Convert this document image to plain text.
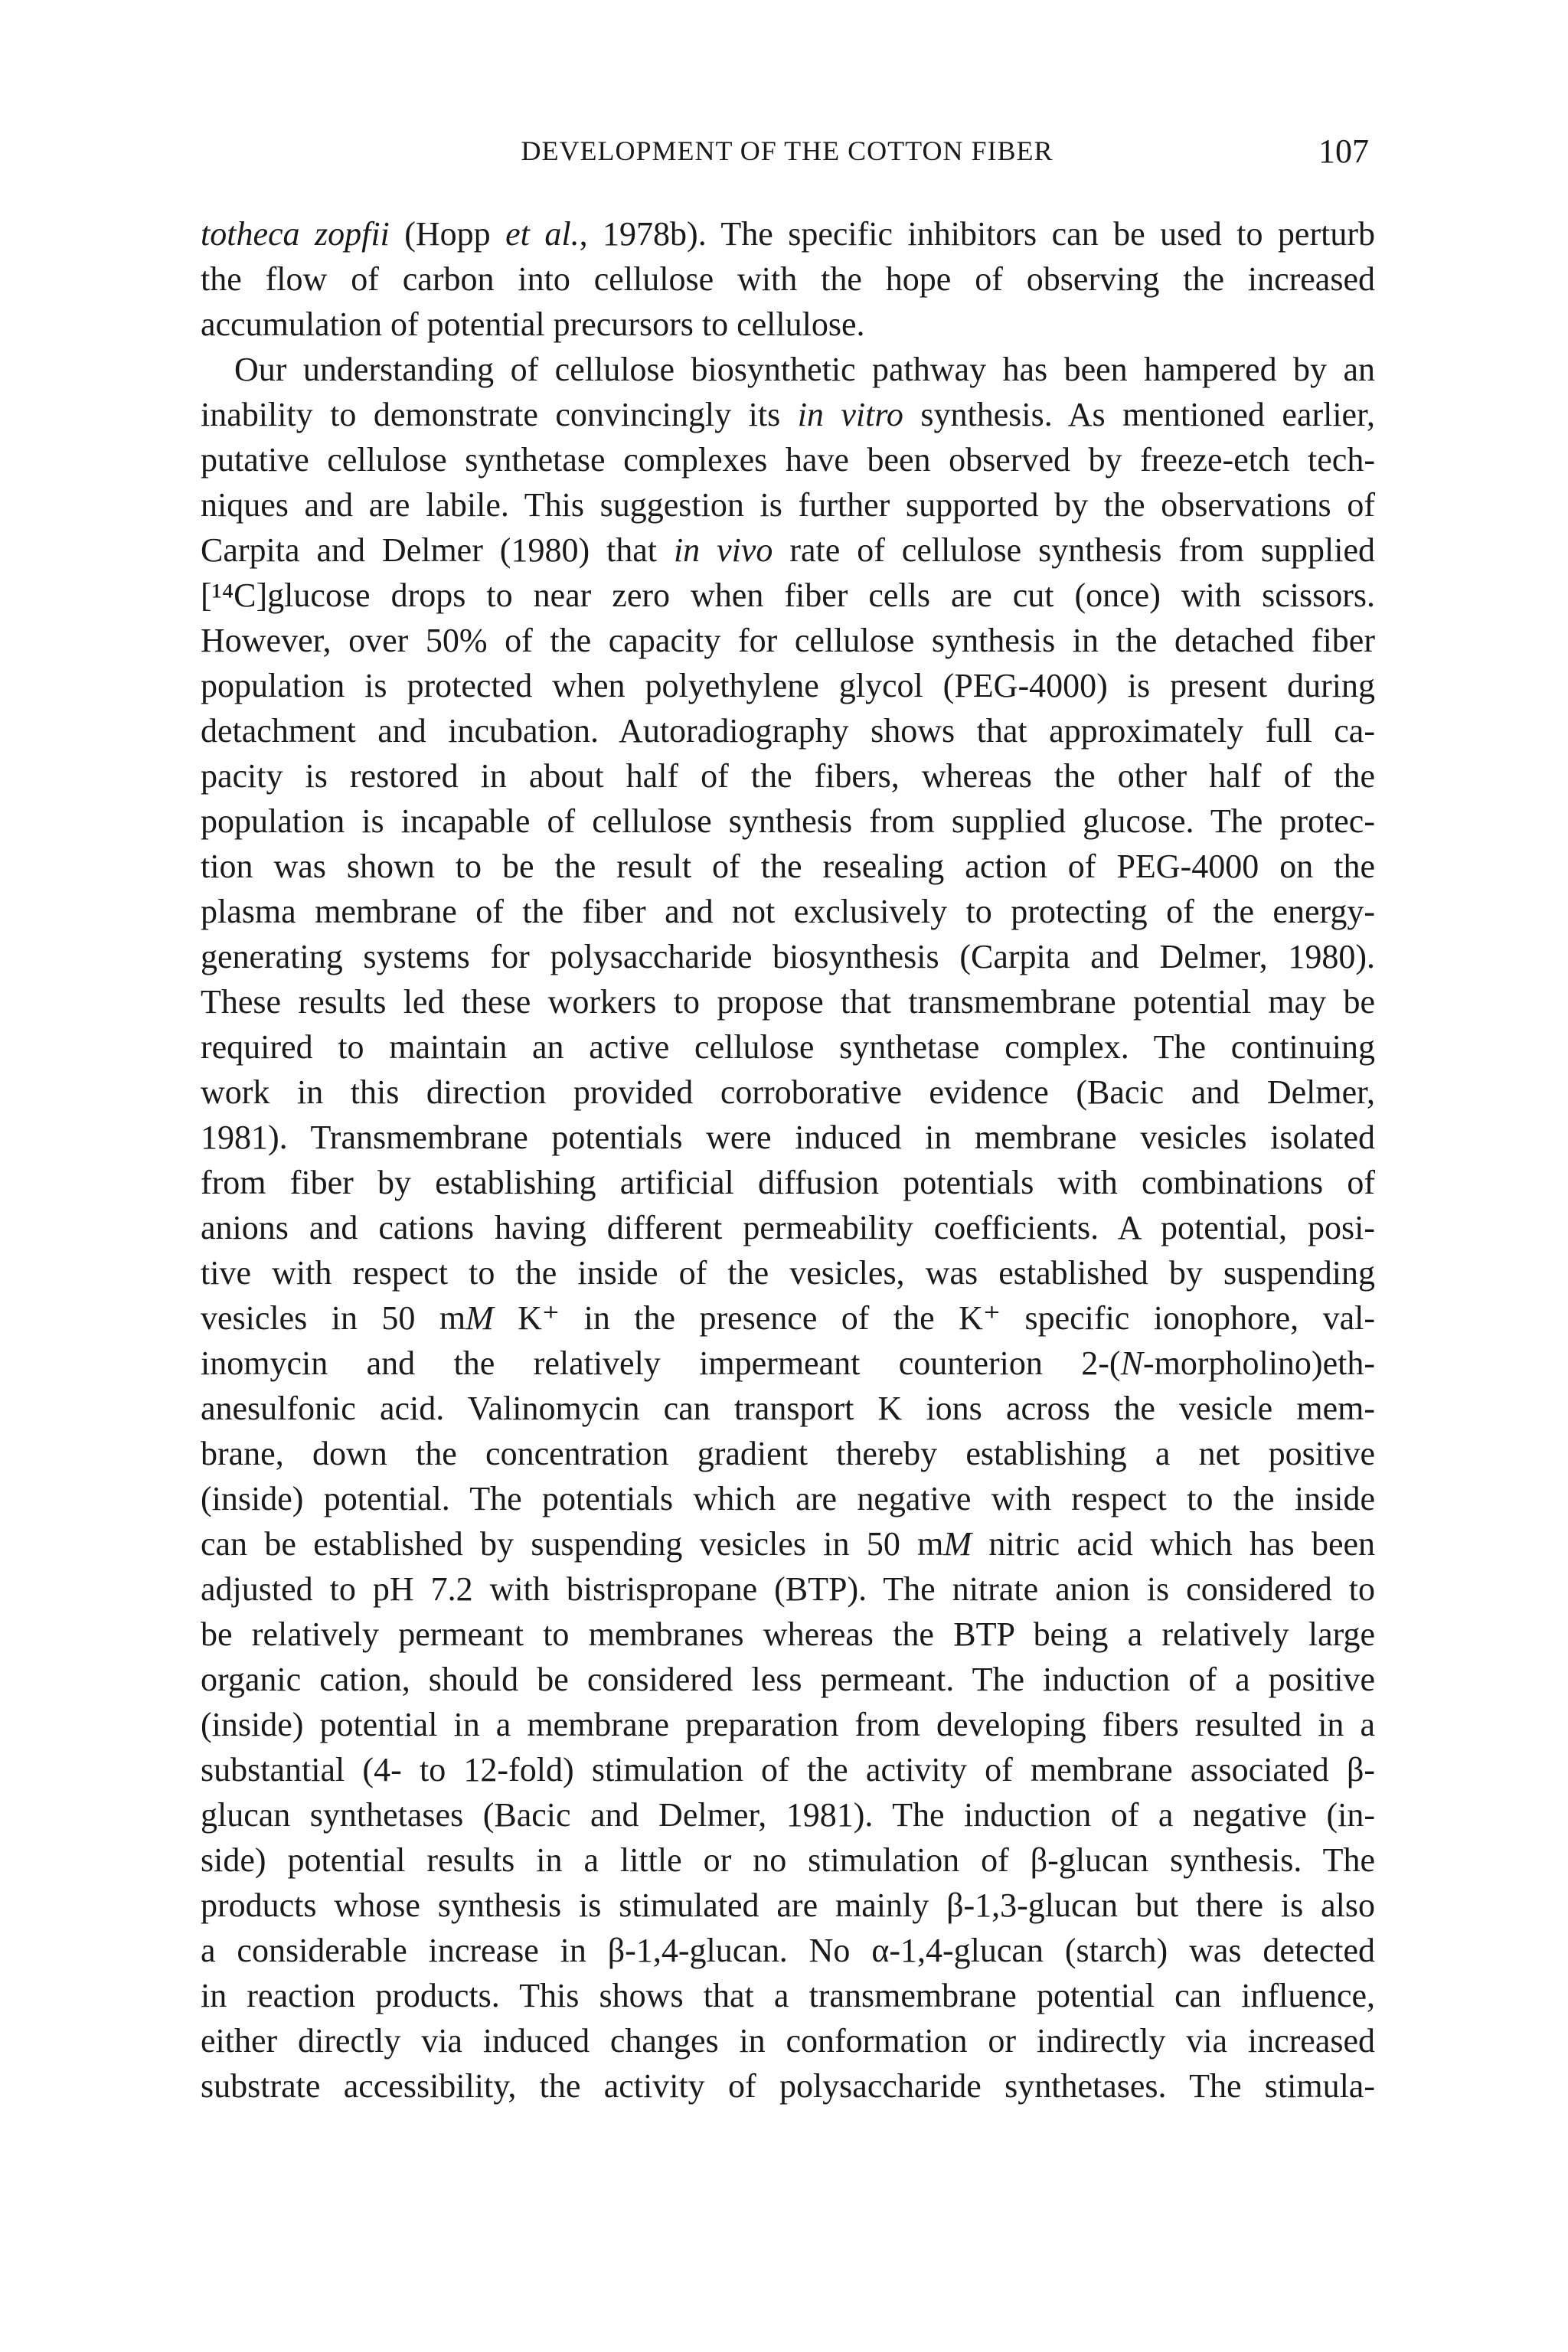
DEVELOPMENT OF THE COTTON FIBER	107
totheca zopfii (Hopp et al., 1978b). The specific inhibitors can be used to perturb
the flow of carbon into cellulose with the hope of observing the increased
accumulation of potential precursors to cellulose.
Our understanding of cellulose biosynthetic pathway has been hampered by an
inability to demonstrate convincingly its in vitro synthesis. As mentioned earlier,
putative cellulose synthetase complexes have been observed by freeze-etch tech-
niques and are labile. This suggestion is further supported by the observations of
Carpita and Delmer (1980) that in vivo rate of cellulose synthesis from supplied
[¹⁴C]glucose drops to near zero when fiber cells are cut (once) with scissors.
However, over 50% of the capacity for cellulose synthesis in the detached fiber
population is protected when polyethylene glycol (PEG-4000) is present during
detachment and incubation. Autoradiography shows that approximately full ca-
pacity is restored in about half of the fibers, whereas the other half of the
population is incapable of cellulose synthesis from supplied glucose. The protec-
tion was shown to be the result of the resealing action of PEG-4000 on the
plasma membrane of the fiber and not exclusively to protecting of the energy-
generating systems for polysaccharide biosynthesis (Carpita and Delmer, 1980).
These results led these workers to propose that transmembrane potential may be
required to maintain an active cellulose synthetase complex. The continuing
work in this direction provided corroborative evidence (Bacic and Delmer,
1981). Transmembrane potentials were induced in membrane vesicles isolated
from fiber by establishing artificial diffusion potentials with combinations of
anions and cations having different permeability coefficients. A potential, posi-
tive with respect to the inside of the vesicles, was established by suspending
vesicles in 50 mM K⁺ in the presence of the K⁺ specific ionophore, val-
inomycin and the relatively impermeant counterion 2-(N-morpholino)eth-
anesulfonic acid. Valinomycin can transport K ions across the vesicle mem-
brane, down the concentration gradient thereby establishing a net positive
(inside) potential. The potentials which are negative with respect to the inside
can be established by suspending vesicles in 50 mM nitric acid which has been
adjusted to pH 7.2 with bistrispropane (BTP). The nitrate anion is considered to
be relatively permeant to membranes whereas the BTP being a relatively large
organic cation, should be considered less permeant. The induction of a positive
(inside) potential in a membrane preparation from developing fibers resulted in a
substantial (4- to 12-fold) stimulation of the activity of membrane associated β-
glucan synthetases (Bacic and Delmer, 1981). The induction of a negative (in-
side) potential results in a little or no stimulation of β-glucan synthesis. The
products whose synthesis is stimulated are mainly β-1,3-glucan but there is also
a considerable increase in β-1,4-glucan. No α-1,4-glucan (starch) was detected
in reaction products. This shows that a transmembrane potential can influence,
either directly via induced changes in conformation or indirectly via increased
substrate accessibility, the activity of polysaccharide synthetases. The stimula-
